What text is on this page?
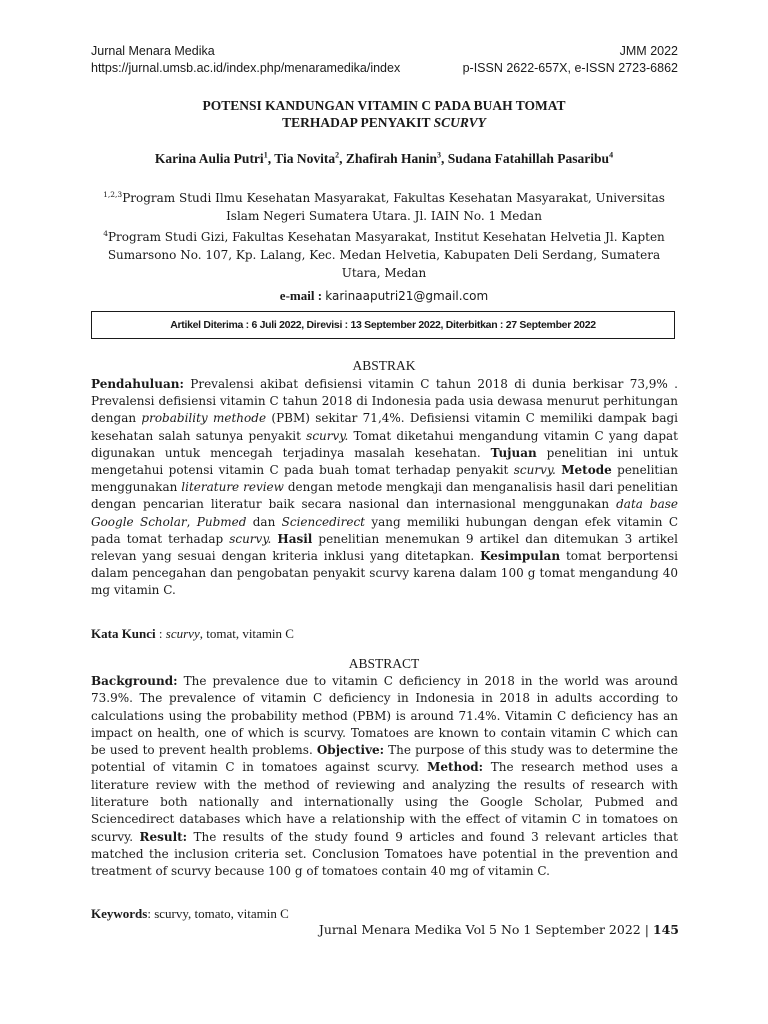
Jurnal Menara Medika
https://jurnal.umsb.ac.id/index.php/menaramedika/index
JMM 2022
p-ISSN 2622-657X, e-ISSN 2723-6862
POTENSI KANDUNGAN VITAMIN C PADA BUAH TOMAT
TERHADAP PENYAKIT SCURVY
Karina Aulia Putri$^1$, Tia Novita$^2$, Zhafirah Hanin$^3$, Sudana Fatahillah Pasaribu$^4$
$^{1,2,3}$Program Studi Ilmu Kesehatan Masyarakat, Fakultas Kesehatan Masyarakat, Universitas Islam Negeri Sumatera Utara. Jl. IAIN No. 1 Medan
$^4$Program Studi Gizi, Fakultas Kesehatan Masyarakat, Institut Kesehatan Helvetia Jl. Kapten Sumarsono No. 107, Kp. Lalang, Kec. Medan Helvetia, Kabupaten Deli Serdang, Sumatera Utara, Medan
e-mail : karinaaputri21@gmail.com
Artikel Diterima : 6 Juli 2022, Direvisi : 13 September 2022, Diterbitkan : 27 September 2022
ABSTRAK
Pendahuluan: Prevalensi akibat defisiensi vitamin C tahun 2018 di dunia berkisar 73,9% . Prevalensi defisiensi vitamin C tahun 2018 di Indonesia pada usia dewasa menurut perhitungan dengan probability methode (PBM) sekitar 71,4%. Defisiensi vitamin C memiliki dampak bagi kesehatan salah satunya penyakit scurvy. Tomat diketahui mengandung vitamin C yang dapat digunakan untuk mencegah terjadinya masalah kesehatan. Tujuan penelitian ini untuk mengetahui potensi vitamin C pada buah tomat terhadap penyakit scurvy. Metode penelitian menggunakan literature review dengan metode mengkaji dan menganalisis hasil dari penelitian dengan pencarian literatur baik secara nasional dan internasional menggunakan data base Google Scholar, Pubmed dan Sciencedirect yang memiliki hubungan dengan efek vitamin C pada tomat terhadap scurvy. Hasil penelitian menemukan 9 artikel dan ditemukan 3 artikel relevan yang sesuai dengan kriteria inklusi yang ditetapkan. Kesimpulan tomat berportensi dalam pencegahan dan pengobatan penyakit scurvy karena dalam 100 g tomat mengandung 40 mg vitamin C.
Kata Kunci : scurvy, tomat, vitamin C
ABSTRACT
Background: The prevalence due to vitamin C deficiency in 2018 in the world was around 73.9%. The prevalence of vitamin C deficiency in Indonesia in 2018 in adults according to calculations using the probability method (PBM) is around 71.4%. Vitamin C deficiency has an impact on health, one of which is scurvy. Tomatoes are known to contain vitamin C which can be used to prevent health problems. Objective: The purpose of this study was to determine the potential of vitamin C in tomatoes against scurvy. Method: The research method uses a literature review with the method of reviewing and analyzing the results of research with literature both nationally and internationally using the Google Scholar, Pubmed and Sciencedirect databases which have a relationship with the effect of vitamin C in tomatoes on scurvy. Result: The results of the study found 9 articles and found 3 relevant articles that matched the inclusion criteria set. Conclusion Tomatoes have potential in the prevention and treatment of scurvy because 100 g of tomatoes contain 40 mg of vitamin C.
Keywords: scurvy, tomato, vitamin C
Jurnal Menara Medika Vol 5 No 1 September 2022 | 145
